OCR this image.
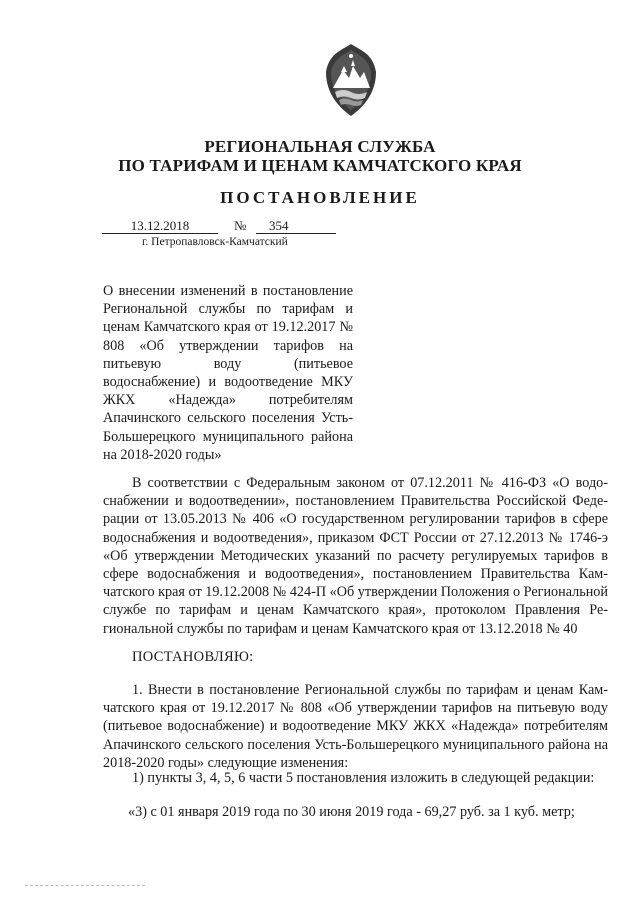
РЕГИОНАЛЬНАЯ СЛУЖБА
ПО ТАРИФАМ И ЦЕНАМ КАМЧАТСКОГО КРАЯ
ПОСТАНОВЛЕНИЕ
13.12.2018	№	354
г. Петропавловск-Камчатский

О внесении изменений в постановление Региональной службы по тарифам и ценам Камчатского края от 19.12.2017 № 808 «Об утверждении тарифов на питьевую воду (питьевое водоснабжение) и водоотведение МКУ ЖКХ «Надежда» потребителям Апачинского сельского поселения Усть-Большерецкого муниципального района на 2018-2020 годы»

В соответствии с Федеральным законом от 07.12.2011 № 416-ФЗ «О водоснабжении и водоотведении», постановлением Правительства Российской Федерации от 13.05.2013 № 406 «О государственном регулировании тарифов в сфере водоснабжения и водоотведения», приказом ФСТ России от 27.12.2013 № 1746-э «Об утверждении Методических указаний по расчету регулируемых тарифов в сфере водоснабжения и водоотведения», постановлением Правительства Камчатского края от 19.12.2008 № 424-П «Об утверждении Положения о Региональной службе по тарифам и ценам Камчатского края», протоколом Правления Региональной службы по тарифам и ценам Камчатского края от 13.12.2018 № 40

ПОСТАНОВЛЯЮ:

1. Внести в постановление Региональной службы по тарифам и ценам Камчатского края от 19.12.2017 № 808 «Об утверждении тарифов на питьевую воду (питьевое водоснабжение) и водоотведение МКУ ЖКХ «Надежда» потребителям Апачинского сельского поселения Усть-Большерецкого муниципального района на 2018-2020 годы» следующие изменения:

1) пункты 3, 4, 5, 6 части 5 постановления изложить в следующей редакции:

«3) с 01 января 2019 года по 30 июня 2019 года - 69,27 руб. за 1 куб. метр;
